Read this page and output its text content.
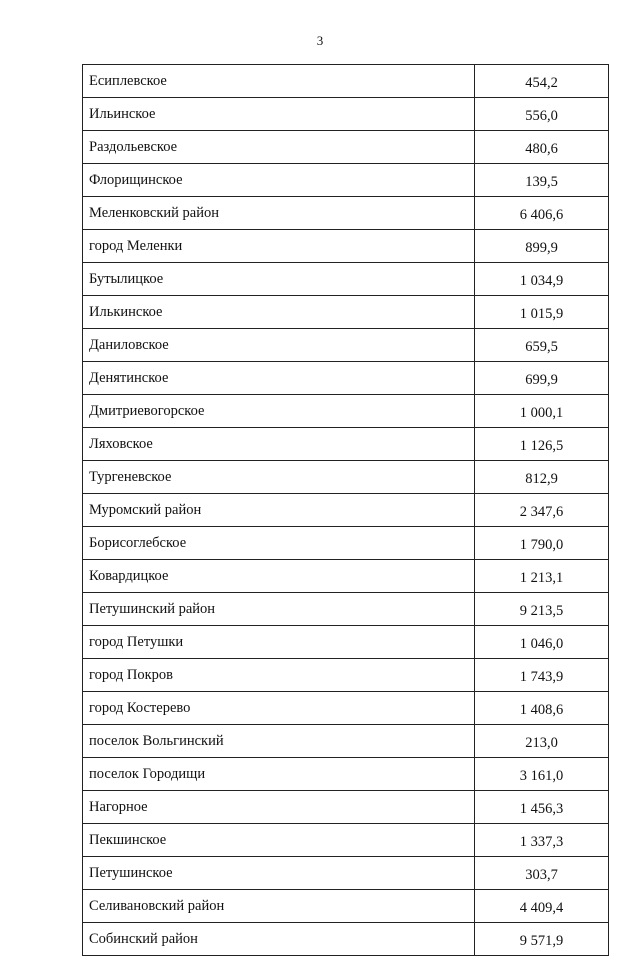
3
Есиплевское	454,2
Ильинское	556,0
Раздольевское	480,6
Флорищинское	139,5
Меленковский район	6 406,6
город Меленки	899,9
Бутылицкое	1 034,9
Илькинское	1 015,9
Даниловское	659,5
Денятинское	699,9
Дмитриевогорское	1 000,1
Ляховское	1 126,5
Тургеневское	812,9
Муромский район	2 347,6
Борисоглебское	1 790,0
Ковардицкое	1 213,1
Петушинский район	9 213,5
город Петушки	1 046,0
город Покров	1 743,9
город Костерево	1 408,6
поселок Вольгинский	213,0
поселок Городищи	3 161,0
Нагорное	1 456,3
Пекшинское	1 337,3
Петушинское	303,7
Селивановский район	4 409,4
Собинский район	9 571,9
